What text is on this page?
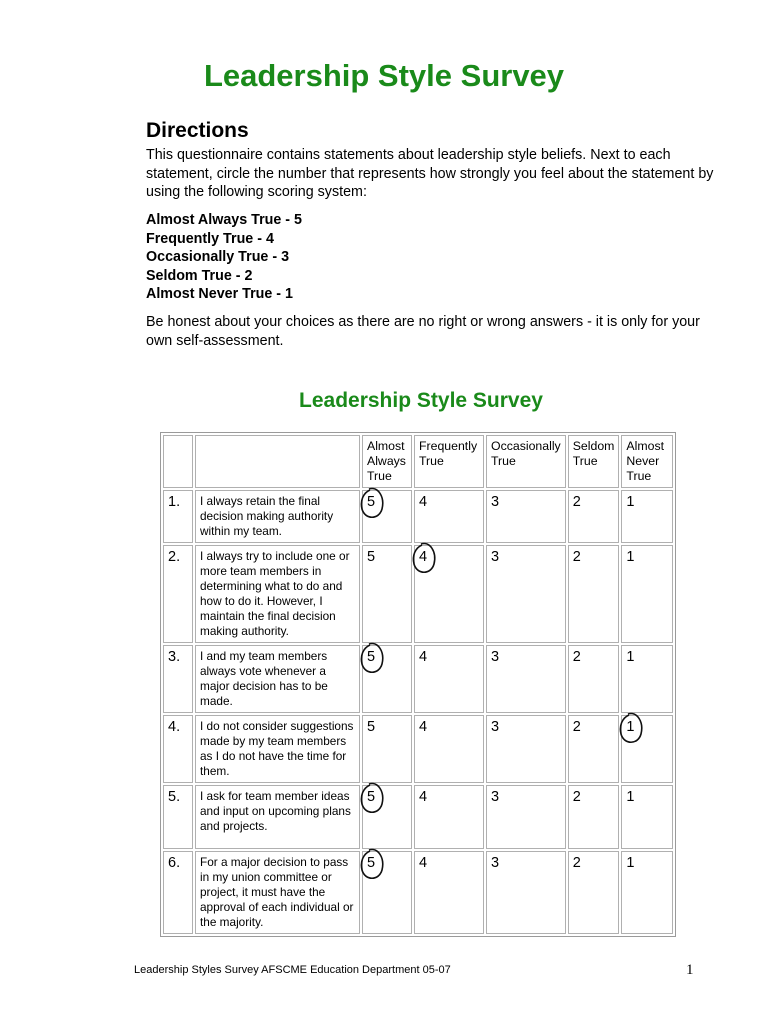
Leadership Style Survey
Directions
This questionnaire contains statements about leadership style beliefs. Next to each statement, circle the number that represents how strongly you feel about the statement by using the following scoring system:
Almost Always True - 5
Frequently True - 4
Occasionally True - 3
Seldom True - 2
Almost Never True - 1
Be honest about your choices as there are no right or wrong answers - it is only for your own self-assessment.
Leadership Style Survey
		Almost Always True	Frequently True	Occasionally True	Seldom True	Almost Never True
1.	I always retain the final decision making authority within my team.	5	4	3	2	1
2.	I always try to include one or more team members in determining what to do and how to do it. However, I maintain the final decision making authority.	5	4	3	2	1
3.	I and my team members always vote whenever a major decision has to be made.	5	4	3	2	1
4.	I do not consider suggestions made by my team members as I do not have the time for them.	5	4	3	2	1

5.	I ask for team member ideas and input on upcoming plans and projects.	5	4	3	2	1
6.	For a major decision to pass in my union committee or project, it must have the approval of each individual or the majority.	5	4	3	2	1
Leadership Styles Survey AFSCME Education Department 05-07	1
